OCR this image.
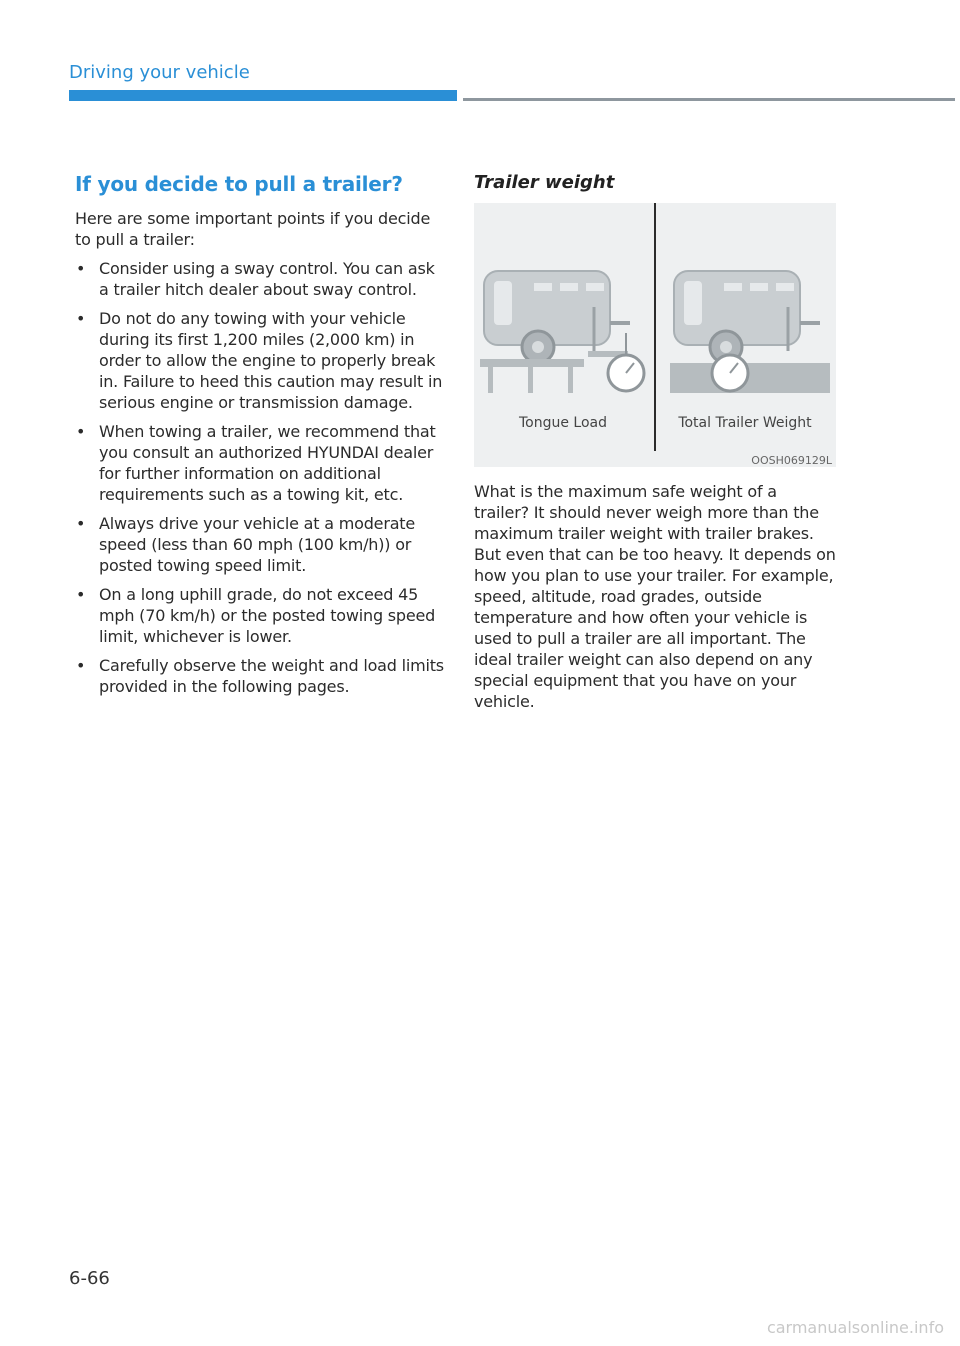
Driving your vehicle
If you decide to pull a trailer?

Here are some important points if you decide to pull a trailer:

• Consider using a sway control. You can ask a trailer hitch dealer about sway control.
• Do not do any towing with your vehicle during its first 1,200 miles (2,000 km) in order to allow the engine to properly break in. Failure to heed this caution may result in serious engine or transmission damage.
• When towing a trailer, we recommend that you consult an authorized HYUNDAI dealer for further information on additional requirements such as a towing kit, etc.
• Always drive your vehicle at a moderate speed (less than 60 mph (100 km/h)) or posted towing speed limit.
• On a long uphill grade, do not exceed 45 mph (70 km/h) or the posted towing speed limit, whichever is lower.
• Carefully observe the weight and load limits provided in the following pages.
Trailer weight
Tongue Load	Total Trailer Weight
OOSH069129L

What is the maximum safe weight of a trailer? It should never weigh more than the maximum trailer weight with trailer brakes. But even that can be too heavy. It depends on how you plan to use your trailer. For example, speed, altitude, road grades, outside temperature and how often your vehicle is used to pull a trailer are all important. The ideal trailer weight can also depend on any special equipment that you have on your vehicle.

6-66
carmanualsonline.info
